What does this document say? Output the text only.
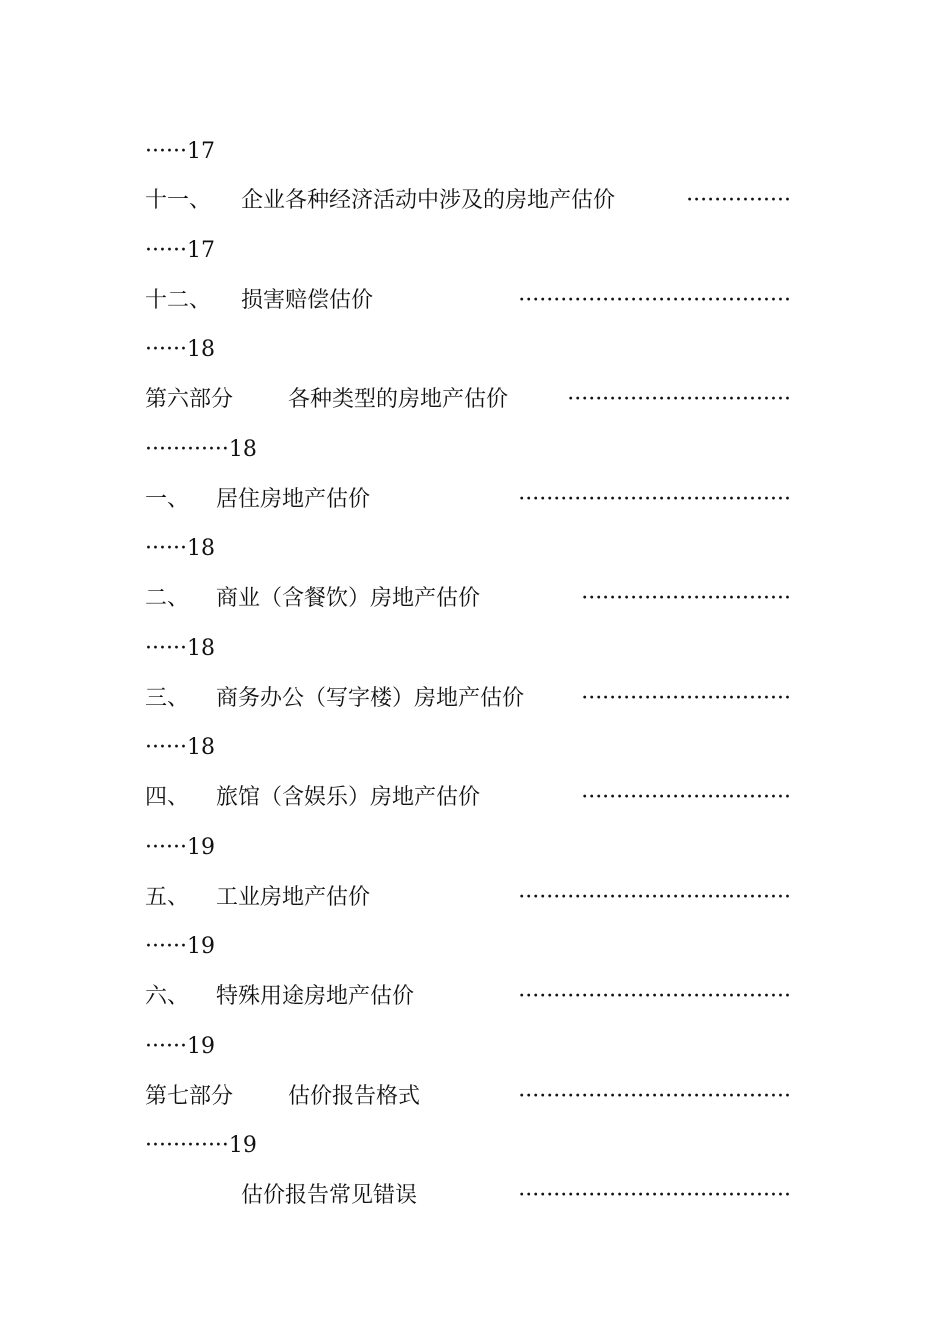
······17
十一、 企业各种经济活动中涉及的房地产估价	···············
······17
十二、 损害赔偿估价	·······································
······18
第六部分 各种类型的房地产估价	································
············18
一、 居住房地产估价	·······································
······18
二、 商业（含餐饮）房地产估价	······························
······18
三、 商务办公（写字楼）房地产估价	······························
······18
四、 旅馆（含娱乐）房地产估价	······························
······19
五、 工业房地产估价	·······································
······19
六、 特殊用途房地产估价	·······································
······19
第七部分 估价报告格式	·······································
············19
估价报告常见错误	·······································
